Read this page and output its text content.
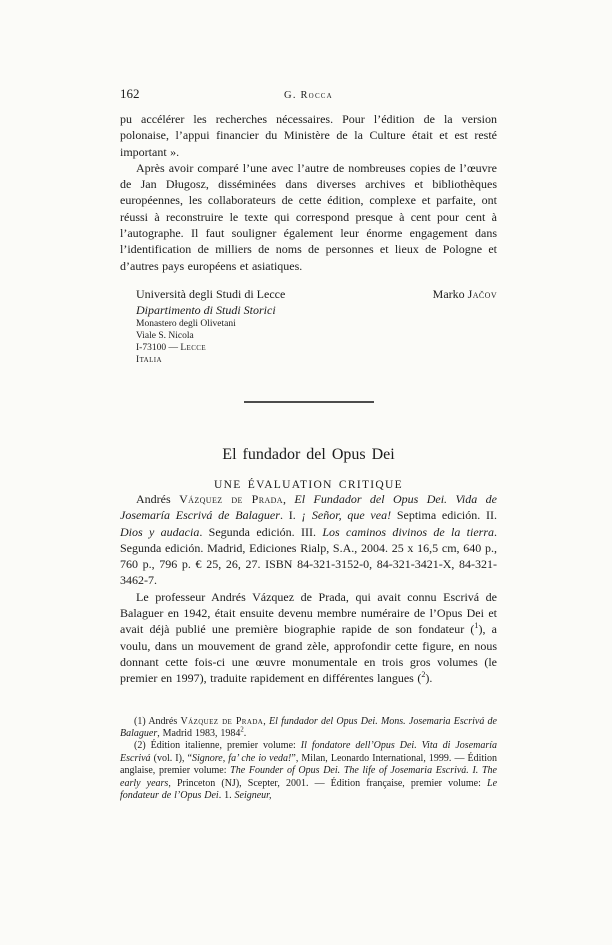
162	G. Rocca

pu accélérer les recherches nécessaires. Pour l’édition de la version polonaise, l’appui financier du Ministère de la Culture était et est resté important ».

Après avoir comparé l’une avec l’autre de nombreuses copies de l’œuvre de Jan Długosz, disséminées dans diverses archives et bibliothèques européennes, les collaborateurs de cette édition, complexe et parfaite, ont réussi à reconstruire le texte qui correspond presque à cent pour cent à l’autographe. Il faut souligner également leur énorme engagement dans l’identification de milliers de noms de personnes et lieux de Pologne et d’autres pays européens et asiatiques.

Università degli Studi di Lecce	Marko Jačov
Dipartimento di Studi Storici
Monastero degli Olivetani
Viale S. Nicola
I-73100 — Lecce
Italia
El fundador del Opus Dei
UNE ÉVALUATION CRITIQUE

Andrés Vázquez de Prada, El Fundador del Opus Dei. Vida de Josemaría Escrivá de Balaguer. I. ¡ Señor, que vea! Septima edición. II. Dios y audacia. Segunda edición. III. Los caminos divinos de la tierra. Segunda edición. Madrid, Ediciones Rialp, S.A., 2004. 25 x 16,5 cm, 640 p., 760 p., 796 p. € 25, 26, 27. ISBN 84-321-3152-0, 84-321-3421-X, 84-321-3462-7.

Le professeur Andrés Vázquez de Prada, qui avait connu Escrivá de Balaguer en 1942, était ensuite devenu membre numéraire de l’Opus Dei et avait déjà publié une première biographie rapide de son fondateur ($^1$), a voulu, dans un mouvement de grand zèle, approfondir cette figure, en nous donnant cette fois-ci une œuvre monumentale en trois gros volumes (le premier en 1997), traduite rapidement en différentes langues ($^2$).

(1) Andrés Vázquez de Prada, El fundador del Opus Dei. Mons. Josemaria Escrivá de Balaguer, Madrid 1983, 1984$^2$.

(2) Édition italienne, premier volume: Il fondatore dell’Opus Dei. Vita di Josemaría Escrivá (vol. I), “Signore, fa’ che io veda!”, Milan, Leonardo International, 1999. — Édition anglaise, premier volume: The Founder of Opus Dei. The life of Josemaria Escrivá. I. The early years, Princeton (NJ), Scepter, 2001. — Édition française, premier volume: Le fondateur de l’Opus Dei. 1. Seigneur,
